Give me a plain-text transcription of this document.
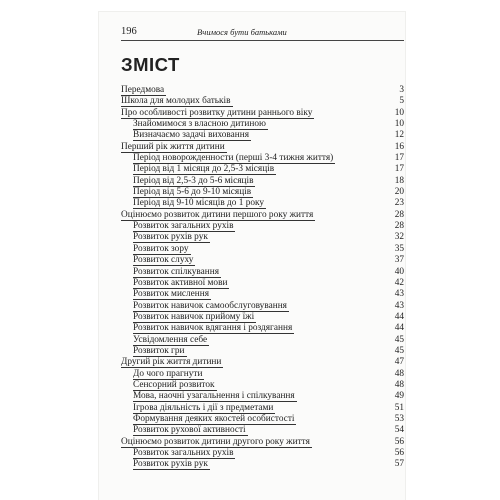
196	Вчимося бути батьками
ЗМІСТ
Передмова	3
Школа для молодих батьків	5
Про особливості розвитку дитини раннього віку	10
Знайомимося з власною дитиною	10
Визначаємо задачі виховання	12
Перший рік життя дитини	16
Період новорожденности (перші 3-4 тижня життя)	17
Період від 1 місяця до 2,5-3 місяців	17
Період від 2,5-3 до 5-6 місяців	18
Період від 5-6 до 9-10 місяців	20
Період від 9-10 місяців до 1 року	23
Оцінюємо розвиток дитини першого року життя	28
Розвиток загальних рухів	28
Розвиток рухів рук	32
Розвиток зору	35
Розвиток слуху	37
Розвиток спілкування	40
Розвиток активної мови	42
Розвиток мислення	43
Розвиток навичок самообслуговування	43
Розвиток навичок прийому їжі	44
Розвиток навичок вдягання і роздягання	44
Усвідомлення себе	45
Розвиток гри	45
Другий рік життя дитини	47
До чого прагнути	48
Сенсорний розвиток	48
Мова, наочні узагальнення і спілкування	49
Ігрова діяльність і дії з предметами	51
Формування деяких якостей особистості	53
Розвиток рухової активності	54
Оцінюємо розвиток дитини другого року життя	56
Розвиток загальних рухів	56
Розвиток рухів рук	57
